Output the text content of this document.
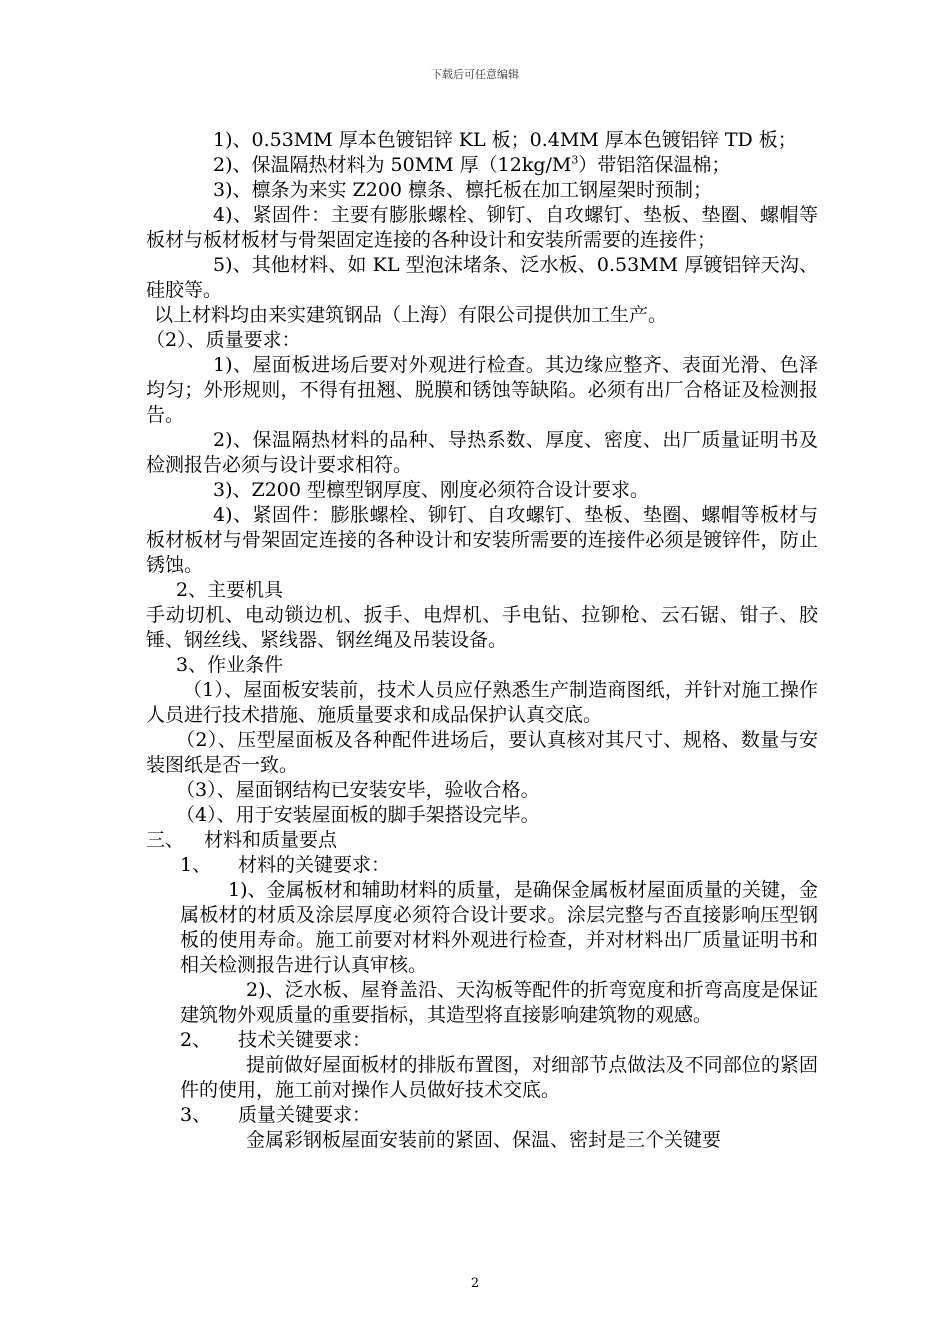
下载后可任意编辑

1)、0.53MM 厚本色镀铝锌 KL 板；0.4MM 厚本色镀铝锌 TD 板；

2)、保温隔热材料为 50MM 厚$(12kg/M^3)$带铝箔保温棉；

3)、檩条为来实 Z200 檩条、檩托板在加工钢屋架时预制；

4)、紧固件：主要有膨胀螺栓、铆钉、自攻螺钉、垫板、垫圈、螺帽等板材与板材板材与骨架固定连接的各种设计和安装所需要的连接件；

5)、其他材料、如 KL 型泡沫堵条、泛水板、0.53MM 厚镀铝锌天沟、硅胶等。

以上材料均由来实建筑钢品（上海）有限公司提供加工生产。

（2）、质量要求：

1)、屋面板进场后要对外观进行检查。其边缘应整齐、表面光滑、色泽均匀；外形规则，不得有扭翘、脱膜和锈蚀等缺陷。必须有出厂合格证及检测报告。

2)、保温隔热材料的品种、导热系数、厚度、密度、出厂质量证明书及检测报告必须与设计要求相符。

3)、Z200 型檩型钢厚度、刚度必须符合设计要求。

4)、紧固件：膨胀螺栓、铆钉、自攻螺钉、垫板、垫圈、螺帽等板材与板材板材与骨架固定连接的各种设计和安装所需要的连接件必须是镀锌件，防止锈蚀。

2、主要机具

手动切机、电动锁边机、扳手、电焊机、手电钻、拉铆枪、云石锯、钳子、胶锤、钢丝线、紧线器、钢丝绳及吊装设备。

3、作业条件

（1）、屋面板安装前，技术人员应仔熟悉生产制造商图纸，并针对施工操作人员进行技术措施、施质量要求和成品保护认真交底。

（2）、压型屋面板及各种配件进场后，要认真核对其尺寸、规格、数量与安装图纸是否一致。

（3）、屋面钢结构已安装安毕，验收合格。

（4）、用于安装屋面板的脚手架搭设完毕。

三、 材料和质量要点

1、 材料的关键要求：

1)、金属板材和辅助材料的质量，是确保金属板材屋面质量的关键，金属板材的材质及涂层厚度必须符合设计要求。涂层完整与否直接影响压型钢板的使用寿命。施工前要对材料外观进行检查，并对材料出厂质量证明书和相关检测报告进行认真审核。

2)、泛水板、屋脊盖沿、天沟板等配件的折弯宽度和折弯高度是保证建筑物外观质量的重要指标，其造型将直接影响建筑物的观感。

2、 技术关键要求：

提前做好屋面板材的排版布置图，对细部节点做法及不同部位的紧固件的使用，施工前对操作人员做好技术交底。

3、 质量关键要求：

金属彩钢板屋面安装前的紧固、保温、密封是三个关键要

2
